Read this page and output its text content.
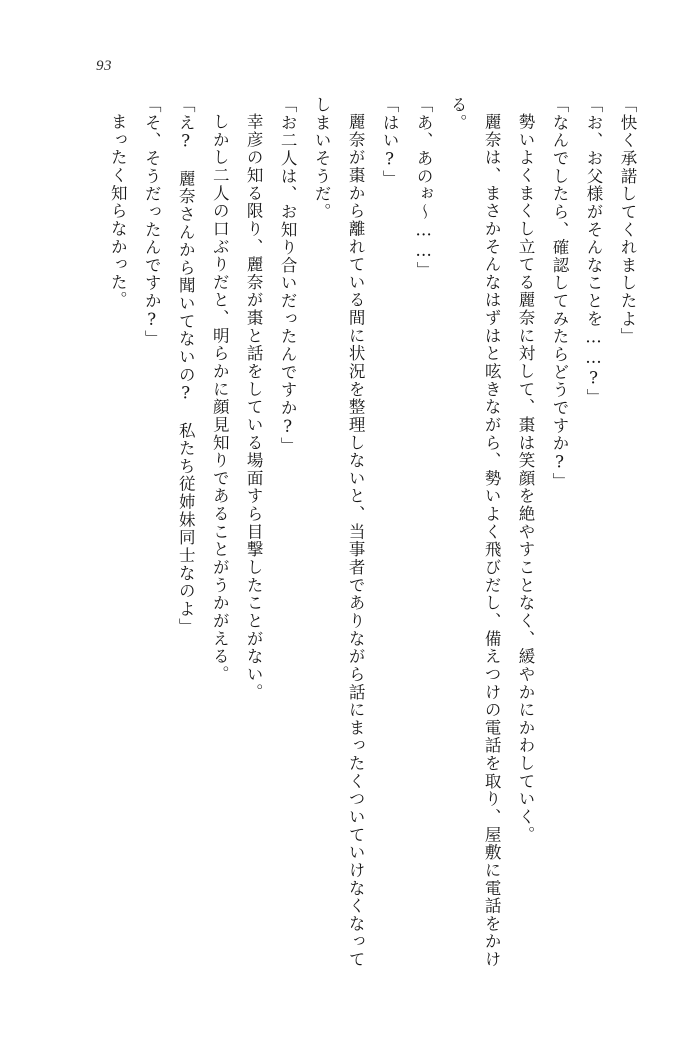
93

「快く承諾してくれましたよ」

「お、お父様がそんなことを……?」

「なんでしたら、確認してみたらどうですか?」

勢いよくまくし立てる麗奈に対して、棗は笑顔を絶やすことなく、緩やかにかわしていく。

麗奈は、まさかそんなはずはと呟きながら、勢いよく飛びだし、備えつけの電話を取り、屋敷に電話をかける。

「あ、あのぉ～……」

「はい?」

麗奈が棗から離れている間に状況を整理しないと、当事者でありながら話にまったくついていけなくなってしまいそうだ。

「お二人は、お知り合いだったんですか?」

幸彦の知る限り、麗奈が棗と話をしている場面すら目撃したことがない。

しかし二人の口ぶりだと、明らかに顔見知りであることがうかがえる。

「え?　麗奈さんから聞いてないの?　私たち従姉妹同士なのよ」

「そ、そうだったんですか?」

まったく知らなかった。
